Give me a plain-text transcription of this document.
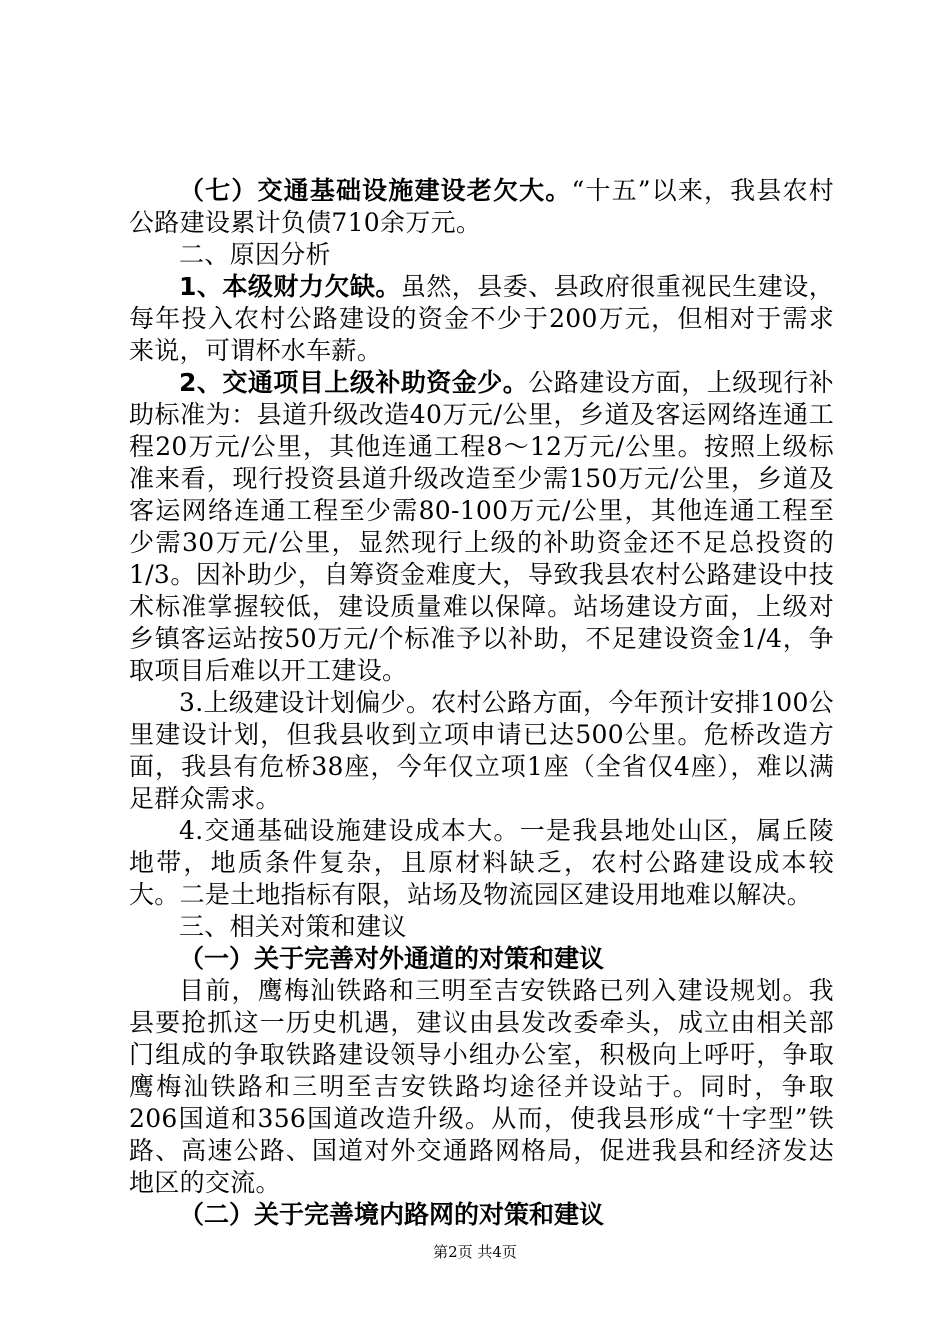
（七）交通基础设施建设老欠大。“十五”以来，我县农村公路建设累计负债710余万元。

二、原因分析

1、本级财力欠缺。虽然，县委、县政府很重视民生建设，每年投入农村公路建设的资金不少于200万元，但相对于需求来说，可谓杯水车薪。

2、交通项目上级补助资金少。公路建设方面，上级现行补助标准为：县道升级改造40万元/公里，乡道及客运网络连通工程20万元/公里，其他连通工程8～12万元/公里。按照上级标准来看，现行投资县道升级改造至少需150万元/公里，乡道及客运网络连通工程至少需80-100万元/公里，其他连通工程至少需30万元/公里，显然现行上级的补助资金还不足总投资的1/3。因补助少，自筹资金难度大，导致我县农村公路建设中技术标准掌握较低，建设质量难以保障。站场建设方面，上级对乡镇客运站按50万元/个标准予以补助，不足建设资金1/4，争取项目后难以开工建设。

3.上级建设计划偏少。农村公路方面，今年预计安排100公里建设计划，但我县收到立项申请已达500公里。危桥改造方面，我县有危桥38座，今年仅立项1座（全省仅4座），难以满足群众需求。

4.交通基础设施建设成本大。一是我县地处山区，属丘陵地带，地质条件复杂，且原材料缺乏，农村公路建设成本较大。二是土地指标有限，站场及物流园区建设用地难以解决。

三、相关对策和建议

（一）关于完善对外通道的对策和建议

目前，鹰梅汕铁路和三明至吉安铁路已列入建设规划。我县要抢抓这一历史机遇，建议由县发改委牵头，成立由相关部门组成的争取铁路建设领导小组办公室，积极向上呼吁，争取鹰梅汕铁路和三明至吉安铁路均途径并设站于。同时，争取206国道和356国道改造升级。从而，使我县形成“十字型”铁路、高速公路、国道对外交通路网格局，促进我县和经济发达地区的交流。

（二）关于完善境内路网的对策和建议

第2页 共4页
